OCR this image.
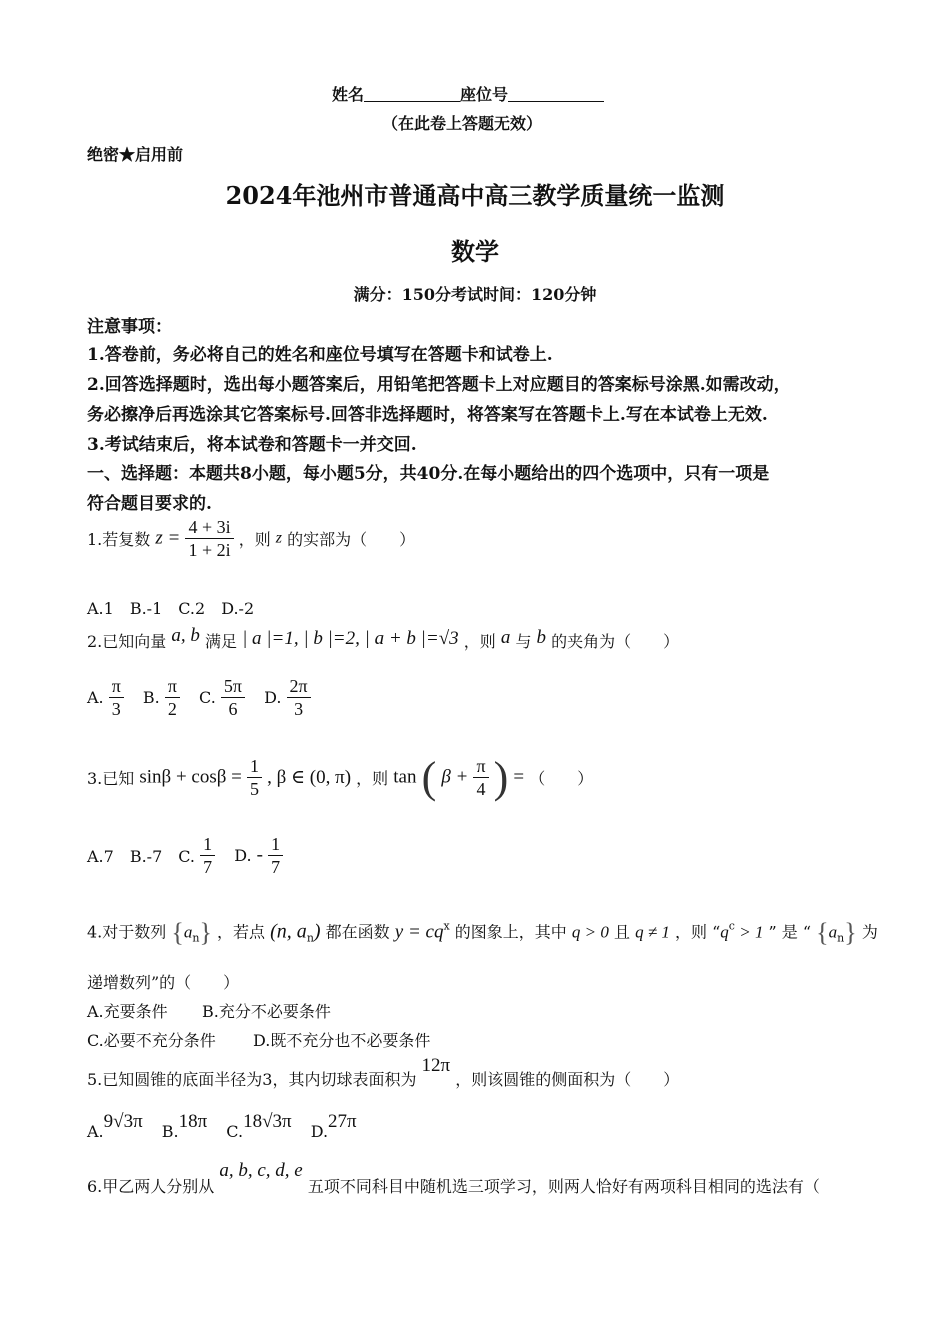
姓名	座位号
（在此卷上答题无效）
绝密★启用前
2024年池州市普通高中高三教学质量统一监测
数学
满分：150分考试时间：120分钟
注意事项：
1.答卷前，务必将自己的姓名和座位号填写在答题卡和试卷上.
2.回答选择题时，选出每小题答案后，用铅笔把答题卡上对应题目的答案标号涂黑.如需改动，
务必擦净后再选涂其它答案标号.回答非选择题时，将答案写在答题卡上.写在本试卷上无效.
3.考试结束后，将本试卷和答题卡一并交回.
一、选择题：本题共8小题，每小题5分，共40分.在每小题给出的四个选项中，只有一项是
符合题目要求的.
1.若复数 $z = \frac{4 + 3i}{1 + 2i}$ ，则 z 的实部为（　　）
A.1　B.-1　C.2　D.-2
2.已知向量 a, b 满足 | a |=1, | b |=2, | a + b |=√3 ，则 a 与 b 的夹角为（　　）
A. $\frac{\pi}{3} B$. $\frac{\pi}{2} C$. $\frac{5\pi}{6} D$. $\frac{2\pi}{3}$
3.已知 $\sin\beta + \cos\beta = \frac{1}{5}$ , β ∈ (0, π) ，则 tan ( $\beta + \frac{\pi}{4}$ ) = （　　）
A.7　B.-7　C. $\frac{1}{7} D$. - $\frac{1}{7}$
4.对于数列 $\{a_n\}$ ，若点 (n, $a_n$) 都在函数 $y = cq^x$ 的图象上，其中 q > 0 且 q ≠ 1 ，则 “$q^c > 1$ ” 是 “ $\{a_n\}$ 为
递增数列”的（　　）
A.充要条件 B.充分不必要条件
C.必要不充分条件 D.既不充分也不必要条件
5.已知圆锥的底面半径为3，其内切球表面积为 12π ，则该圆锥的侧面积为（　　）
A.9√3π B.18π C.18√3π D.27π
6.甲乙两人分别从 a, b, c, d, e 五项不同科目中随机选三项学习，则两人恰好有两项科目相同的选法有（
